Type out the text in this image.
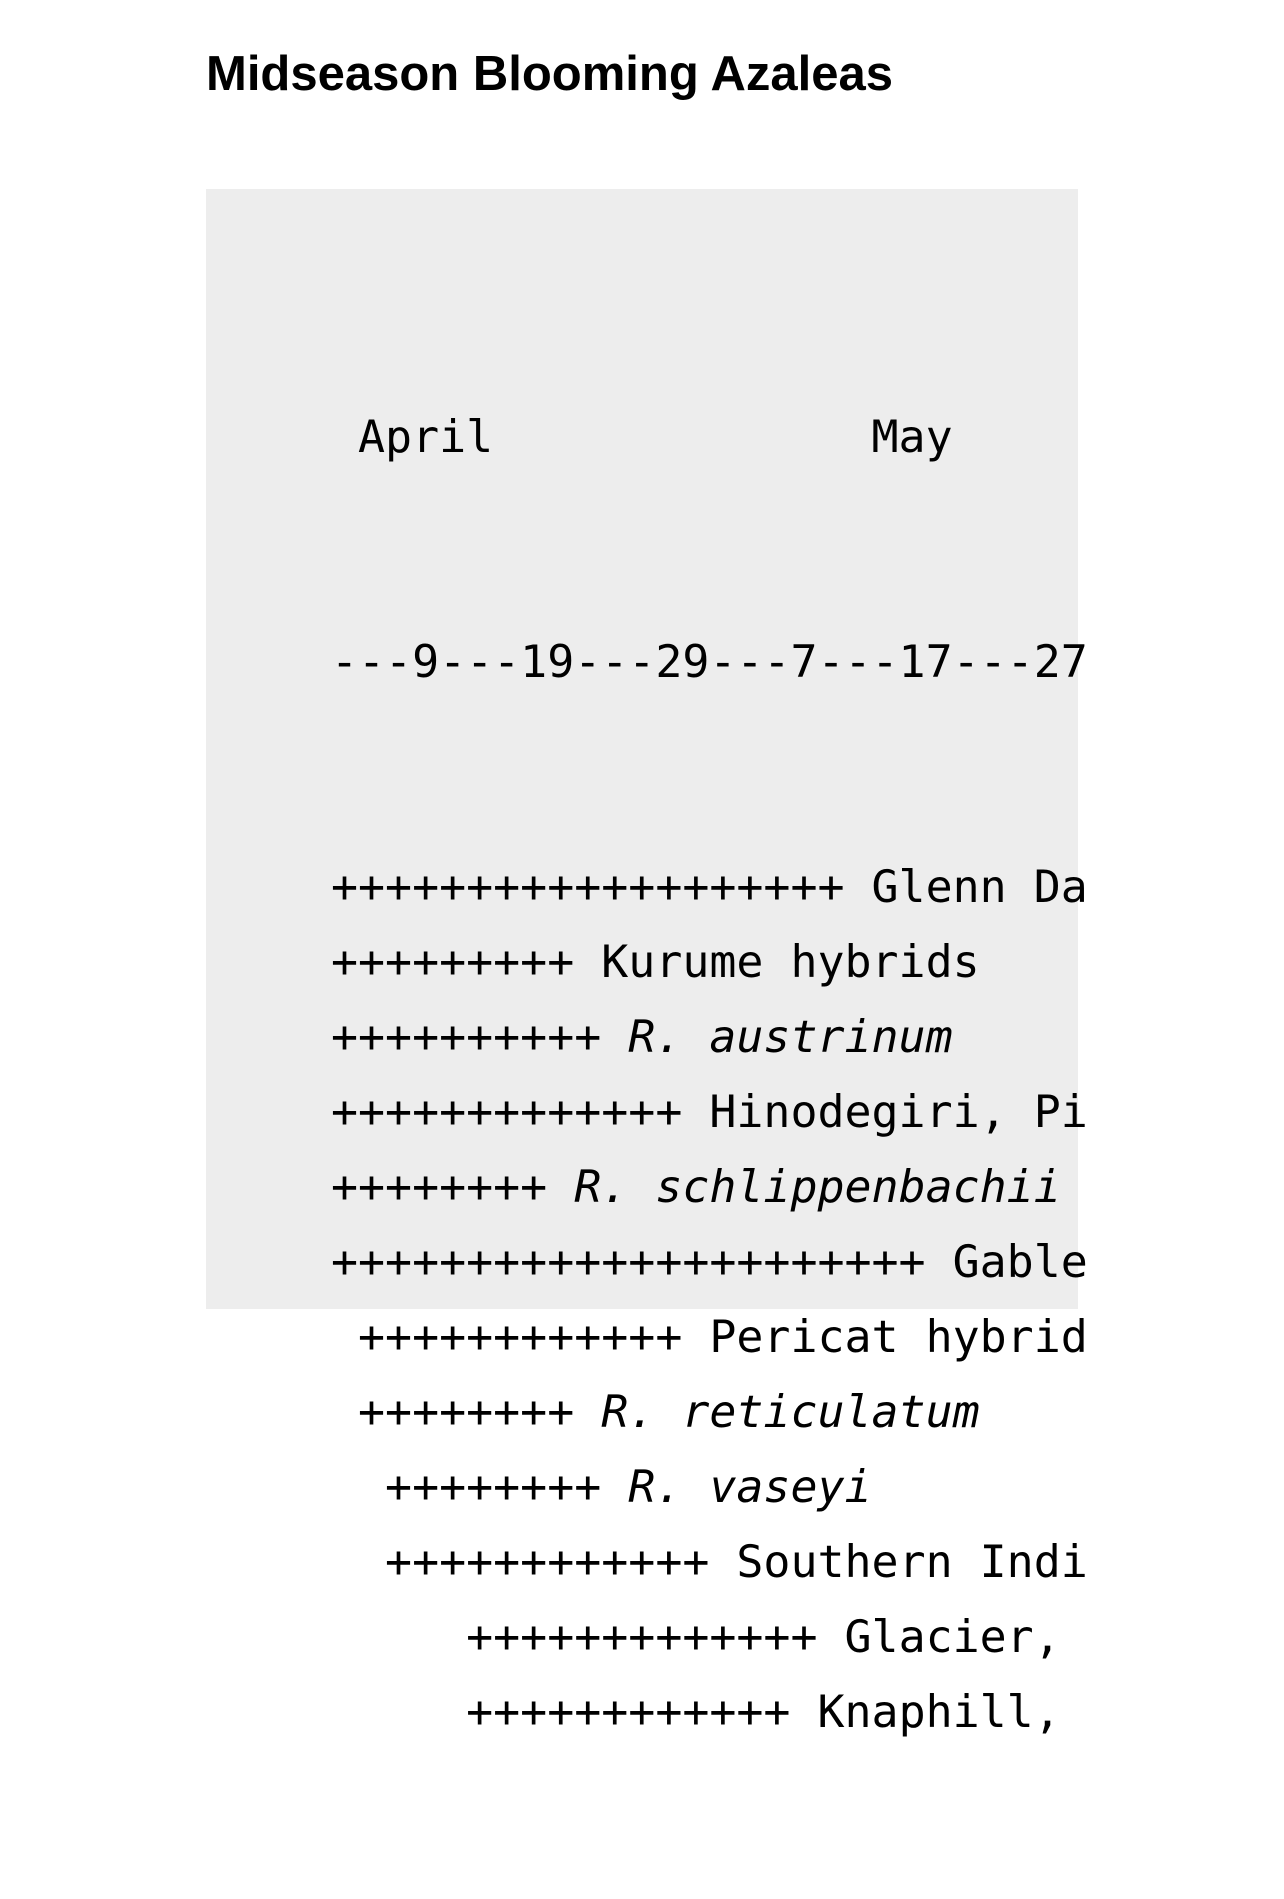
Midseason Blooming Azaleas

April              May

---9---19---29---7---17---27

+++++++++++++++++++ Glenn Da
+++++++++ Kurume hybrids
++++++++++ R. austrinum
+++++++++++++ Hinodegiri, Pi
++++++++ R. schlippenbachii
++++++++++++++++++++++ Gable
++++++++++++ Pericat hybrid
++++++++ R. reticulatum
++++++++ R. vaseyi
++++++++++++ Southern Indi
+++++++++++++ Glacier,
++++++++++++ Knaphill,
